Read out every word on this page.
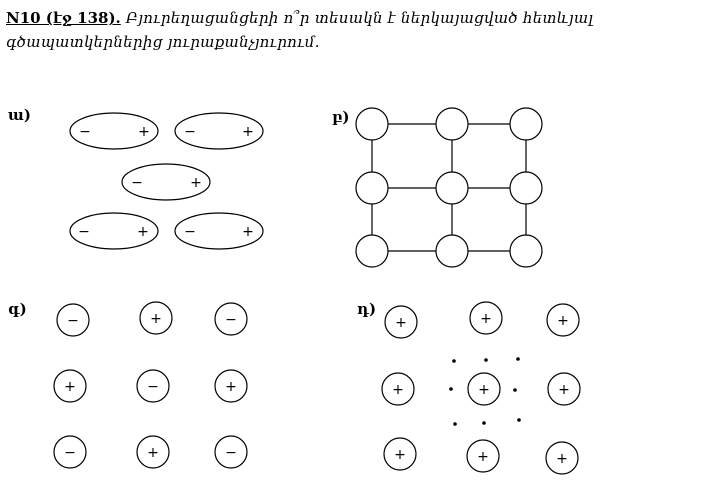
N10 (էջ 138). Բյուրեղացանցերի ո՞ր տեսակն է ներկայացված հետևյալ գծապատկերներից յուրաքանչյուրում.
ա)	բ)
գ)	դ)
−	+ −	+
−	+
−	+	−	+
−	+	−
+	−	+
−	+	−
+	+	+
+	+	+
+	+	+
